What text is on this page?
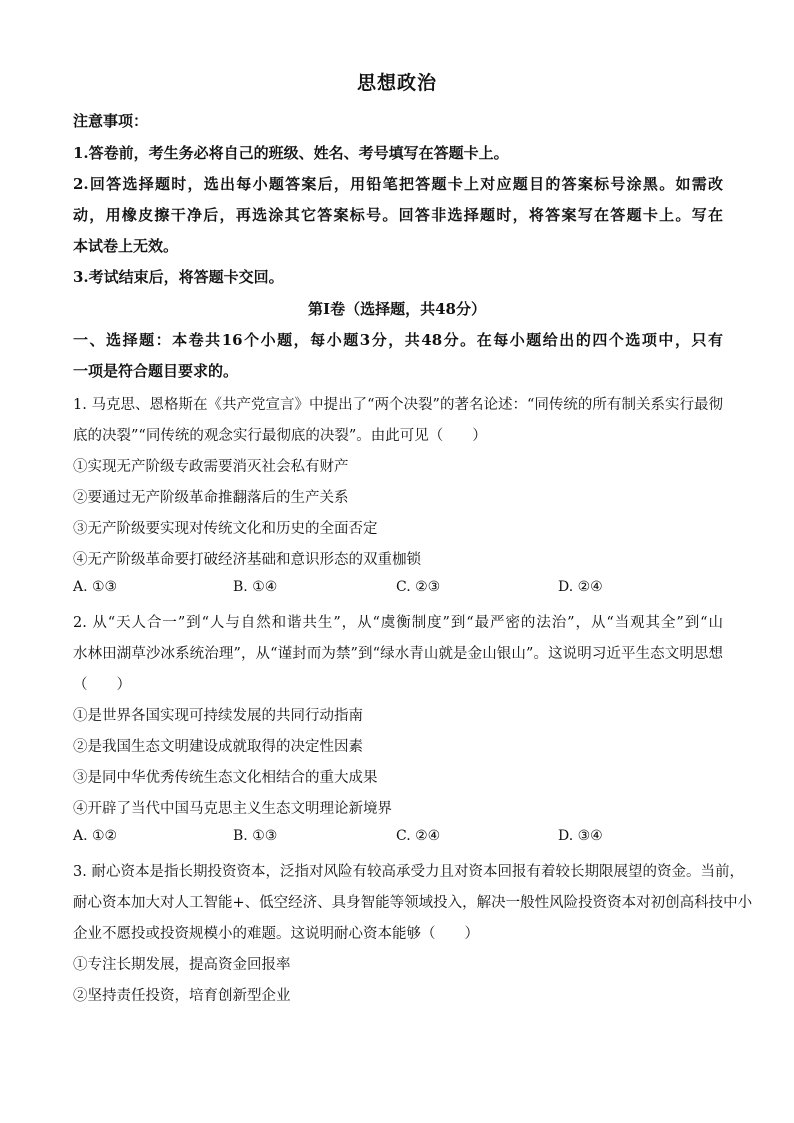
思想政治
注意事项：
1.答卷前，考生务必将自己的班级、姓名、考号填写在答题卡上。
2.回答选择题时，选出每小题答案后，用铅笔把答题卡上对应题目的答案标号涂黑。如需改
动，用橡皮擦干净后，再选涂其它答案标号。回答非选择题时，将答案写在答题卡上。写在
本试卷上无效。
3.考试结束后，将答题卡交回。
第Ⅰ卷（选择题，共48分）
一、选择题：本卷共16个小题，每小题3分，共48分。在每小题给出的四个选项中，只有
一项是符合题目要求的。
1. 马克思、恩格斯在《共产党宣言》中提出了“两个决裂”的著名论述：“同传统的所有制关系实行最彻
底的决裂”“同传统的观念实行最彻底的决裂”。由此可见（　　）
①实现无产阶级专政需要消灭社会私有财产
②要通过无产阶级革命推翻落后的生产关系
③无产阶级要实现对传统文化和历史的全面否定
④无产阶级革命要打破经济基础和意识形态的双重枷锁
A. ①③	B. ①④	C. ②③	D. ②④
2. 从“天人合一”到“人与自然和谐共生”，从“虞衡制度”到“最严密的法治”，从“当观其全”到“山
水林田湖草沙冰系统治理”，从“谨封而为禁”到“绿水青山就是金山银山”。这说明习近平生态文明思想
（　　）
①是世界各国实现可持续发展的共同行动指南
②是我国生态文明建设成就取得的决定性因素
③是同中华优秀传统生态文化相结合的重大成果
④开辟了当代中国马克思主义生态文明理论新境界
A. ①②	B. ①③	C. ②④	D. ③④
3. 耐心资本是指长期投资资本，泛指对风险有较高承受力且对资本回报有着较长期限展望的资金。当前，
耐心资本加大对人工智能+、低空经济、具身智能等领域投入，解决一般性风险投资资本对初创高科技中小
企业不愿投或投资规模小的难题。这说明耐心资本能够（　　）
①专注长期发展，提高资金回报率
②坚持责任投资，培育创新型企业
